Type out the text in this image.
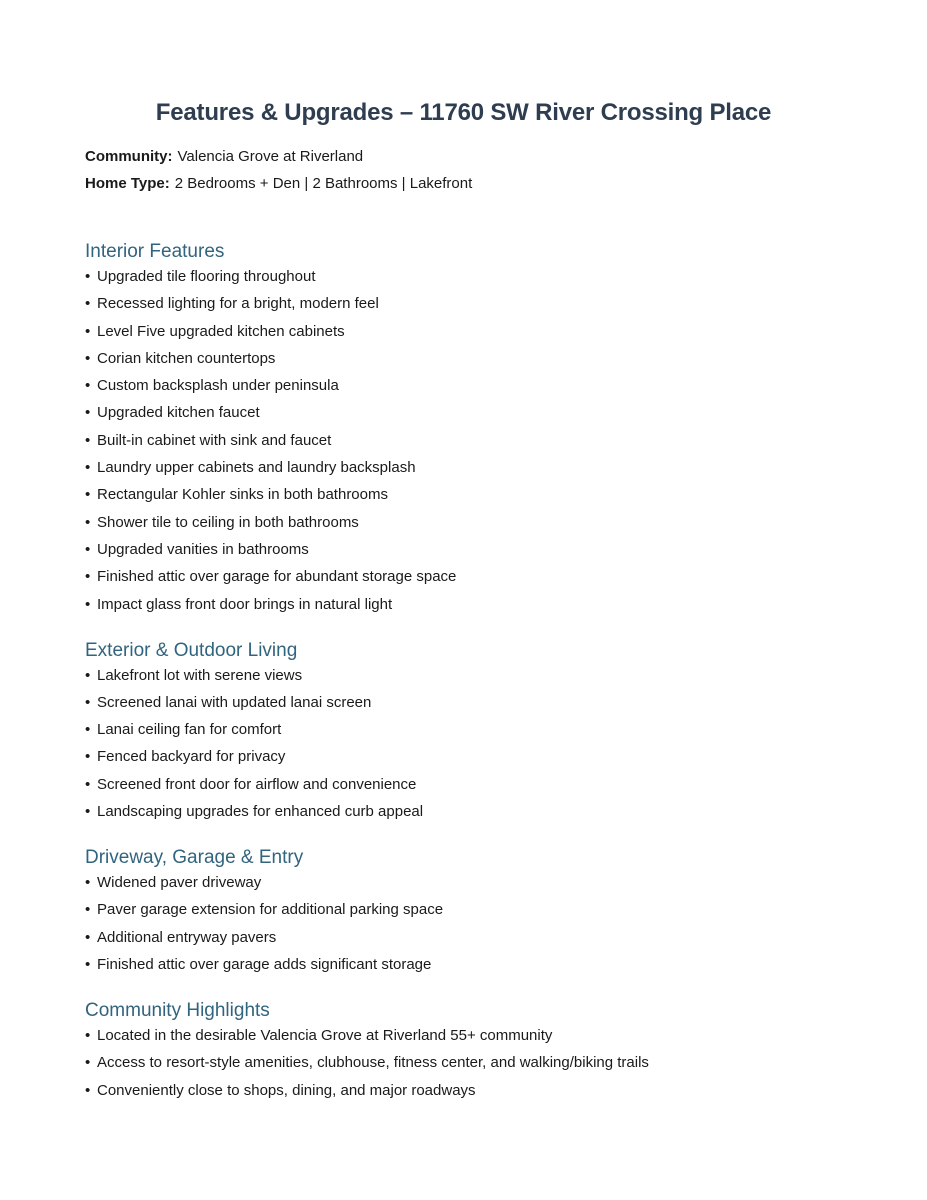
Features & Upgrades – 11760 SW River Crossing Place

Community: Valencia Grove at Riverland

Home Type: 2 Bedrooms + Den | 2 Bathrooms | Lakefront

Interior Features

• Upgraded tile flooring throughout

• Recessed lighting for a bright, modern feel

• Level Five upgraded kitchen cabinets

• Corian kitchen countertops

• Custom backsplash under peninsula

• Upgraded kitchen faucet

• Built-in cabinet with sink and faucet

• Laundry upper cabinets and laundry backsplash

• Rectangular Kohler sinks in both bathrooms

• Shower tile to ceiling in both bathrooms

• Upgraded vanities in bathrooms

• Finished attic over garage for abundant storage space

• Impact glass front door brings in natural light

Exterior & Outdoor Living

• Lakefront lot with serene views

• Screened lanai with updated lanai screen

• Lanai ceiling fan for comfort

• Fenced backyard for privacy

• Screened front door for airflow and convenience

• Landscaping upgrades for enhanced curb appeal

Driveway, Garage & Entry

• Widened paver driveway

• Paver garage extension for additional parking space

• Additional entryway pavers

• Finished attic over garage adds significant storage

Community Highlights

• Located in the desirable Valencia Grove at Riverland 55+ community

• Access to resort-style amenities, clubhouse, fitness center, and walking/biking trails

• Conveniently close to shops, dining, and major roadways
